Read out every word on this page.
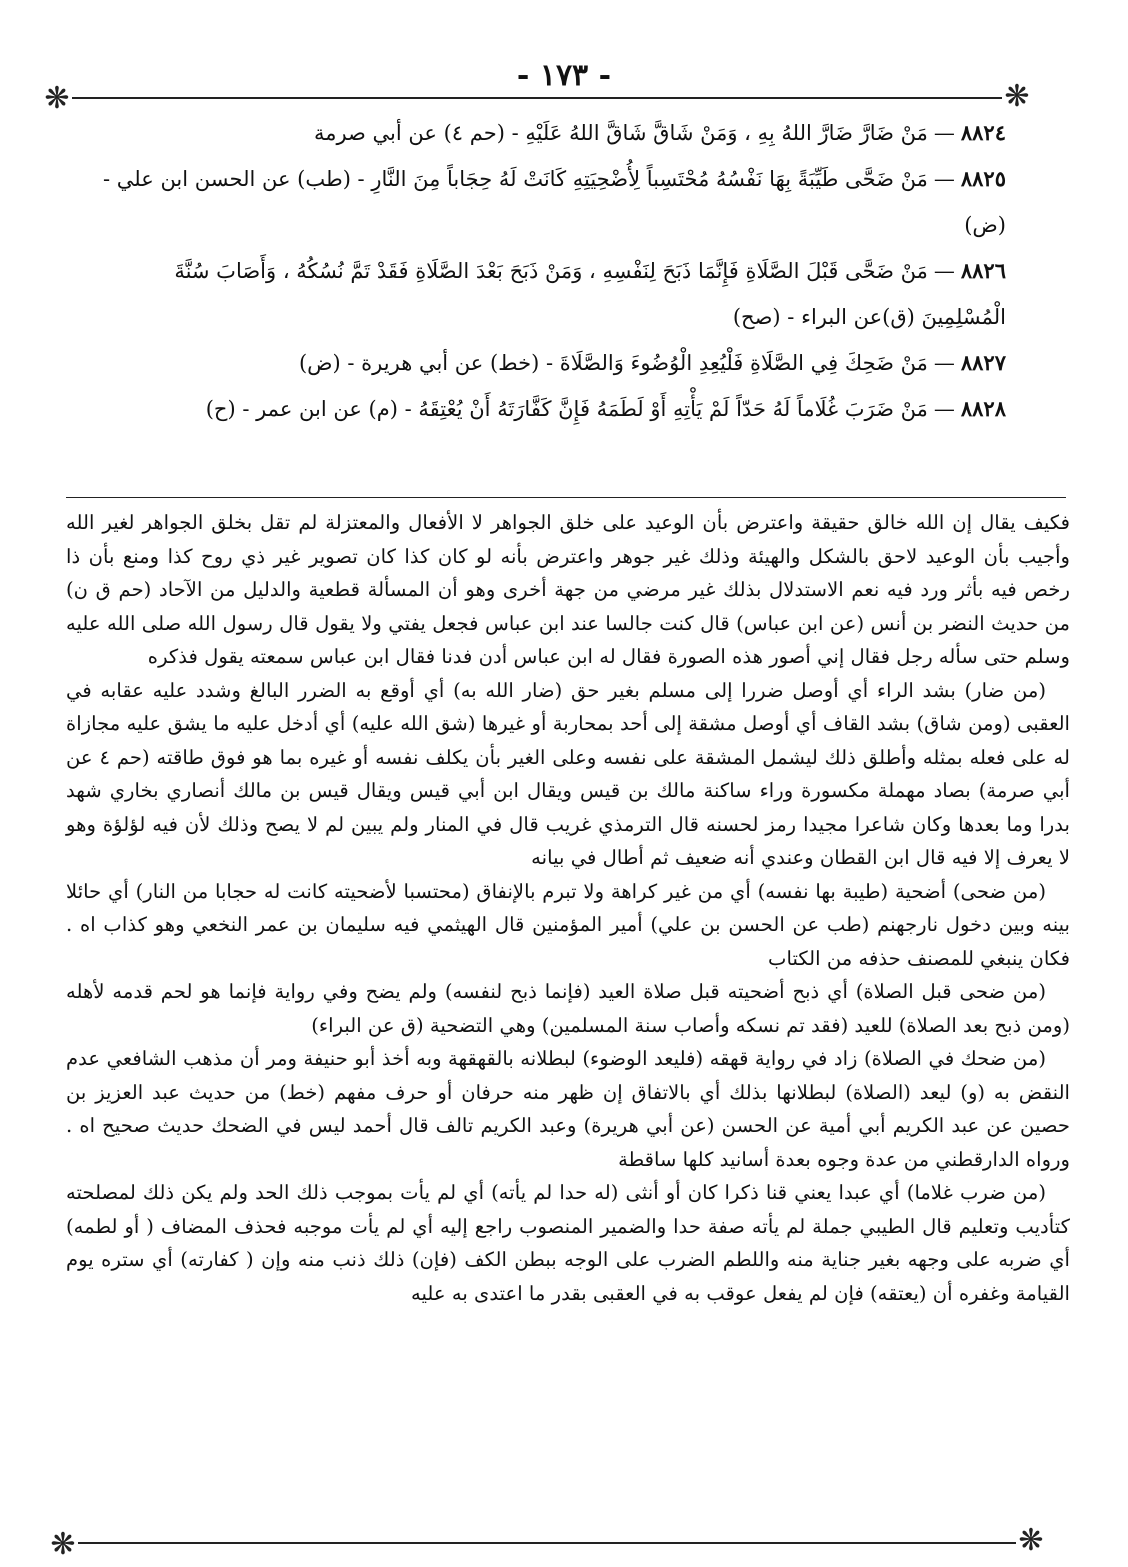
- ١٧٣ -
❋	❋
❋	❋
٨٨٢٤—مَنْ ضَارَّ ضَارَّ اللهُ بِهِ ، وَمَنْ شَاقَّ شَاقَّ اللهُ عَلَيْهِ - (حم ٤) عن أبي صرمة
٨٨٢٥—مَنْ ضَحَّى طَيِّبَةً بِهَا نَفْسُهُ مُحْتَسِباً لِأُضْحِيَتِهِ كَانَتْ لَهُ حِجَاباً مِنَ النَّارِ - (طب) عن الحسن ابن علي - (ض)
٨٨٢٦—مَنْ ضَحَّى قَبْلَ الصَّلَاةِ فَإِنَّمَا ذَبَحَ لِنَفْسِهِ ، وَمَنْ ذَبَحَ بَعْدَ الصَّلَاةِ فَقَدْ تَمَّ نُسُكُهُ ، وَأَصَابَ سُنَّةَ الْمُسْلِمِينَ (ق)عن البراء - (صح)
٨٨٢٧—مَنْ ضَحِكَ فِي الصَّلَاةِ فَلْيُعِدِ الْوُضُوءَ وَالصَّلَاةَ - (خط) عن أبي هريرة - (ض)
٨٨٢٨—مَنْ ضَرَبَ غُلَاماً لَهُ حَدّاً لَمْ يَأْتِهِ أَوْ لَطَمَهُ فَإِنَّ كَفَّارَتَهُ أَنْ يُعْتِقَهُ - (م) عن ابن عمر - (ح)

فكيف يقال إن الله خالق حقيقة واعترض بأن الوعيد على خلق الجواهر لا الأفعال والمعتزلة لم تقل بخلق الجواهر لغير الله وأجيب بأن الوعيد لاحق بالشكل والهيئة وذلك غير جوهر واعترض بأنه لو كان كذا كان تصوير غير ذي روح كذا ومنع بأن ذا رخص فيه بأثر ورد فيه نعم الاستدلال بذلك غير مرضي من جهة أخرى وهو أن المسألة قطعية والدليل من الآحاد (حم ق ن) من حديث النضر بن أنس (عن ابن عباس) قال كنت جالسا عند ابن عباس فجعل يفتي ولا يقول قال رسول الله صلى الله عليه وسلم حتى سأله رجل فقال إني أصور هذه الصورة فقال له ابن عباس أدن فدنا فقال ابن عباس سمعته يقول فذكره

(من ضار) بشد الراء أي أوصل ضررا إلى مسلم بغير حق (ضار الله به) أي أوقع به الضرر البالغ وشدد عليه عقابه في العقبى (ومن شاق) بشد القاف أي أوصل مشقة إلى أحد بمحاربة أو غيرها (شق الله عليه) أي أدخل عليه ما يشق عليه مجازاة له على فعله بمثله وأطلق ذلك ليشمل المشقة على نفسه وعلى الغير بأن يكلف نفسه أو غيره بما هو فوق طاقته (حم ٤ عن أبي صرمة) بصاد مهملة مكسورة وراء ساكنة مالك بن قيس ويقال ابن أبي قيس ويقال قيس بن مالك أنصاري بخاري شهد بدرا وما بعدها وكان شاعرا مجيدا رمز لحسنه قال الترمذي غريب قال في المنار ولم يبين لم لا يصح وذلك لأن فيه لؤلؤة وهو لا يعرف إلا فيه قال ابن القطان وعندي أنه ضعيف ثم أطال في بيانه

(من ضحى) أضحية (طيبة بها نفسه) أي من غير كراهة ولا تبرم بالإنفاق (محتسبا لأضحيته كانت له حجابا من النار) أي حائلا بينه وبين دخول نارجهنم (طب عن الحسن بن علي) أمير المؤمنين قال الهيثمي فيه سليمان بن عمر النخعي وهو كذاب اه . فكان ينبغي للمصنف حذفه من الكتاب

(من ضحى قبل الصلاة) أي ذبح أضحيته قبل صلاة العيد (فإنما ذبح لنفسه) ولم يضح وفي رواية فإنما هو لحم قدمه لأهله (ومن ذبح بعد الصلاة) للعيد (فقد تم نسكه وأصاب سنة المسلمين) وهي التضحية (ق عن البراء)

(من ضحك في الصلاة) زاد في رواية قهقه (فليعد الوضوء) لبطلانه بالقهقهة وبه أخذ أبو حنيفة ومر أن مذهب الشافعي عدم النقض به (و) ليعد (الصلاة) لبطلانها بذلك أي بالاتفاق إن ظهر منه حرفان أو حرف مفهم (خط) من حديث عبد العزيز بن حصين عن عبد الكريم أبي أمية عن الحسن (عن أبي هريرة) وعبد الكريم تالف قال أحمد ليس في الضحك حديث صحيح اه . ورواه الدارقطني من عدة وجوه بعدة أسانيد كلها ساقطة

(من ضرب غلاما) أي عبدا يعني قنا ذكرا كان أو أنثى (له حدا لم يأته) أي لم يأت بموجب ذلك الحد ولم يكن ذلك لمصلحته كتأديب وتعليم قال الطيبي جملة لم يأته صفة حدا والضمير المنصوب راجع إليه أي لم يأت موجبه فحذف المضاف ( أو لطمه) أي ضربه على وجهه بغير جناية منه واللطم الضرب على الوجه ببطن الكف (فإن) ذلك ذنب منه وإن ( كفارته) أي ستره يوم القيامة وغفره أن (يعتقه) فإن لم يفعل عوقب به في العقبى بقدر ما اعتدى به عليه
